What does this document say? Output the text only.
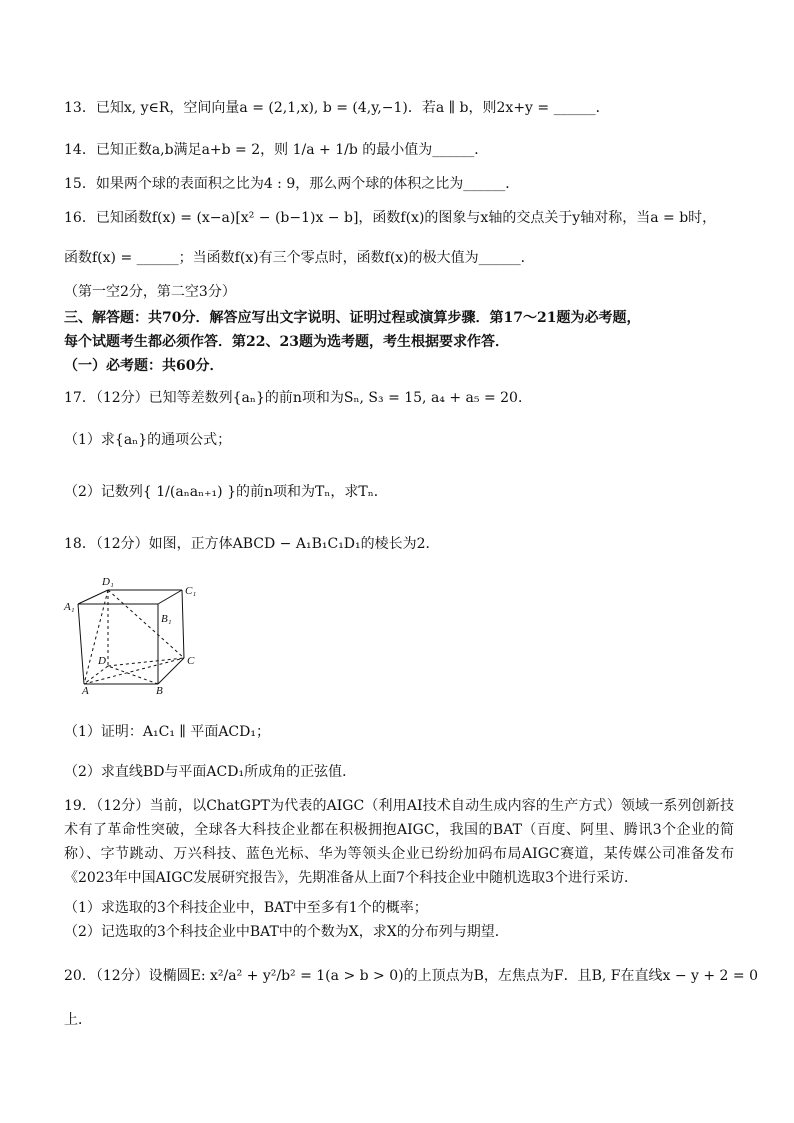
13．已知x, y∈R，空间向量a = (2,1,x), b = (4,y,−1)．若a ∥ b，则2x+y = ______．
14．已知正数a,b满足a+b = 2，则 1/a + 1/b 的最小值为______．
15．如果两个球的表面积之比为4 : 9，那么两个球的体积之比为______．
16．已知函数f(x) = (x−a)[x² − (b−1)x − b]，函数f(x)的图象与x轴的交点关于y轴对称，当a = b时，
函数f(x) = ______；当函数f(x)有三个零点时，函数f(x)的极大值为______．
（第一空2分，第二空3分）
三、解答题：共70分．解答应写出文字说明、证明过程或演算步骤．第17～21题为必考题，
每个试题考生都必须作答．第22、23题为选考题，考生根据要求作答．
（一）必考题：共60分．
17．（12分）已知等差数列{aₙ}的前n项和为Sₙ, S₃ = 15, a₄ + a₅ = 20．
（1）求{aₙ}的通项公式；
（2）记数列{ 1/(aₙaₙ₊₁) }的前n项和为Tₙ，求Tₙ．
18．（12分）如图，正方体ABCD − A₁B₁C₁D₁的棱长为2．
D₁
C₁
A₁
B₁
D	C
A	B
（1）证明：A₁C₁ ∥ 平面ACD₁；
（2）求直线BD与平面ACD₁所成角的正弦值．
19．（12分）当前，以ChatGPT为代表的AIGC（利用AI技术自动生成内容的生产方式）领域一系列创新技术有了革命性突破，全球各大科技企业都在积极拥抱AIGC，我国的BAT（百度、阿里、腾讯3个企业的简称）、字节跳动、万兴科技、蓝色光标、华为等领头企业已纷纷加码布局AIGC赛道，某传媒公司准备发布《2023年中国AIGC发展研究报告》，先期准备从上面7个科技企业中随机选取3个进行采访．
（1）求选取的3个科技企业中，BAT中至多有1个的概率；
（2）记选取的3个科技企业中BAT中的个数为X，求X的分布列与期望．
20．（12分）设椭圆E: x²/a² + y²/b² = 1(a > b > 0)的上顶点为B，左焦点为F．且B, F在直线x − y + 2 = 0
上．
